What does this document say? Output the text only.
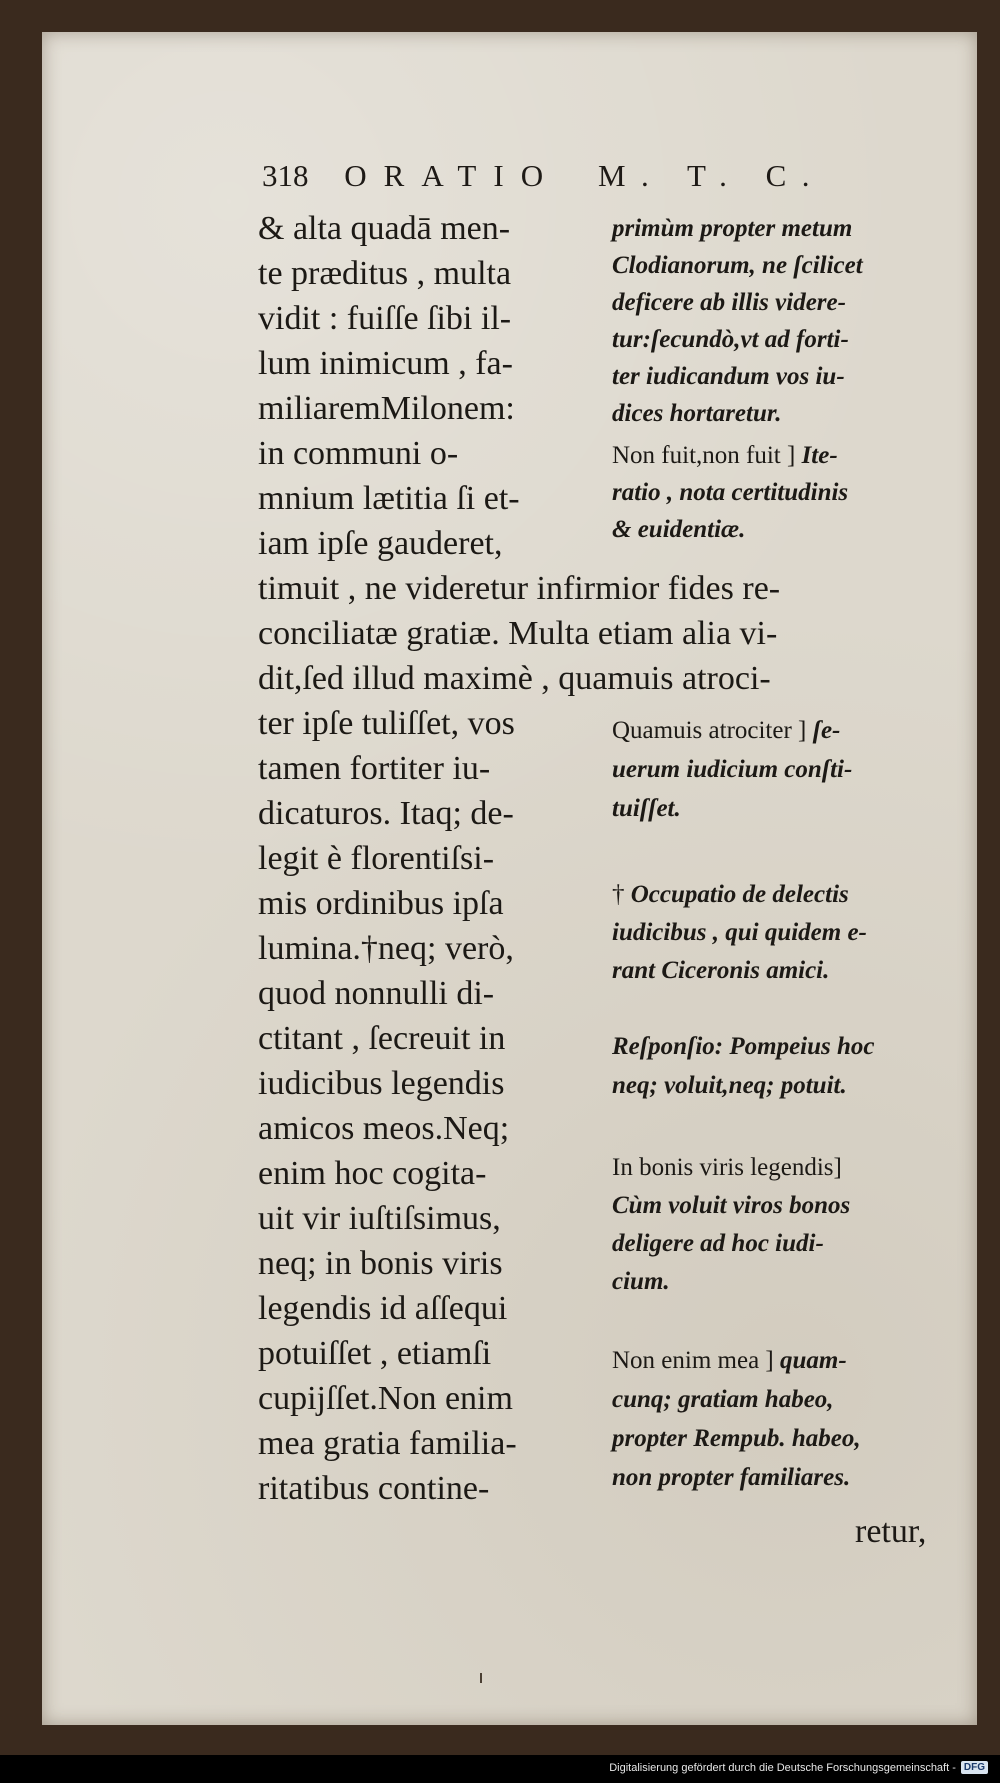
318 ORATIO M. T. C.
& alta quadā men-
te præditus , multa
vidit : fuiſſe ſibi il-
lum inimicum , fa-
miliaremMilonem:
in communi o-
mnium lætitia ſi et-
iam ipſe gauderet,
timuit , ne videretur infirmior fides re-
conciliatæ gratiæ. Multa etiam alia vi-
dit,ſed illud maximè , quamuis atroci-
ter ipſe tuliſſet, vos
tamen fortiter iu-
dicaturos. Itaq; de-
legit è florentiſsi-
mis ordinibus ipſa
lumina.†neq; verò,
quod nonnulli di-
ctitant , ſecreuit in
iudicibus legendis
amicos meos.Neq;
enim hoc cogita-
uit vir iuſtiſsimus,
neq; in bonis viris
legendis id aſſequi
potuiſſet , etiamſi
cupijſſet.Non enim
mea gratia familia-
ritatibus contine-
retur,
primùm propter metum
Clodianorum, ne ſcilicet
deficere ab illis videre-
tur:ſecundò,vt ad forti-
ter iudicandum vos iu-
dices hortaretur.
Non fuit,non fuit ] Ite-
ratio , nota certitudinis
& euidentiæ.
Quamuis atrociter ] ſe-
uerum iudicium conſti-
tuiſſet.
† Occupatio de delectis
iudicibus , qui quidem e-
rant Ciceronis amici.
Reſponſio: Pompeius hoc
neq; voluit,neq; potuit.
In bonis viris legendis]
Cùm voluit viros bonos
deligere ad hoc iudi-
cium.
Non enim mea ] quam-
cunq; gratiam habeo,
propter Rempub. habeo,
non propter familiares.
Digitalisierung gefördert durch die Deutsche Forschungsgemeinschaft - DFG
